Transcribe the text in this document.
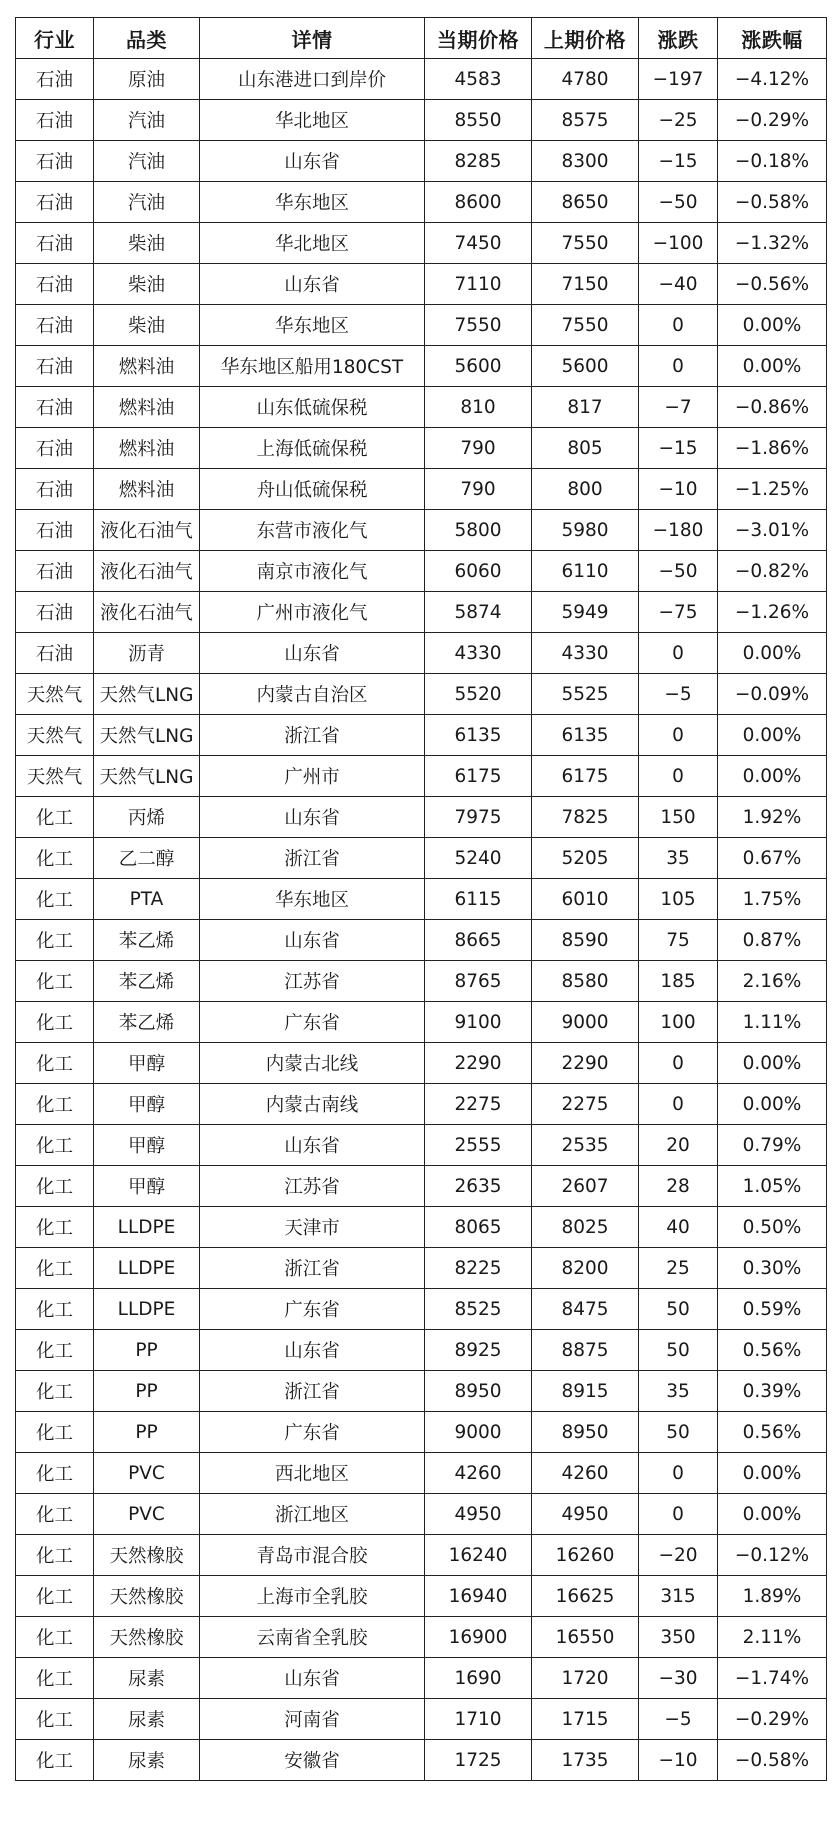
行业	品类	详情	当期价格	上期价格	涨跌	涨跌幅
石油	原油	山东港进口到岸价	4583	4780	−197	−4.12%
石油	汽油	华北地区	8550	8575	−25	−0.29%
石油	汽油	山东省	8285	8300	−15	−0.18%
石油	汽油	华东地区	8600	8650	−50	−0.58%
石油	柴油	华北地区	7450	7550	−100	−1.32%
石油	柴油	山东省	7110	7150	−40	−0.56%
石油	柴油	华东地区	7550	7550	0	0.00%
石油	燃料油	华东地区船用180CST	5600	5600	0	0.00%
石油	燃料油	山东低硫保税	810	817	−7	−0.86%
石油	燃料油	上海低硫保税	790	805	−15	−1.86%
石油	燃料油	舟山低硫保税	790	800	−10	−1.25%
石油	液化石油气	东营市液化气	5800	5980	−180	−3.01%
石油	液化石油气	南京市液化气	6060	6110	−50	−0.82%
石油	液化石油气	广州市液化气	5874	5949	−75	−1.26%
石油	沥青	山东省	4330	4330	0	0.00%
天然气	天然气LNG	内蒙古自治区	5520	5525	−5	−0.09%
天然气	天然气LNG	浙江省	6135	6135	0	0.00%
天然气	天然气LNG	广州市	6175	6175	0	0.00%
化工	丙烯	山东省	7975	7825	150	1.92%
化工	乙二醇	浙江省	5240	5205	35	0.67%
化工	PTA	华东地区	6115	6010	105	1.75%
化工	苯乙烯	山东省	8665	8590	75	0.87%
化工	苯乙烯	江苏省	8765	8580	185	2.16%
化工	苯乙烯	广东省	9100	9000	100	1.11%
化工	甲醇	内蒙古北线	2290	2290	0	0.00%
化工	甲醇	内蒙古南线	2275	2275	0	0.00%
化工	甲醇	山东省	2555	2535	20	0.79%
化工	甲醇	江苏省	2635	2607	28	1.05%
化工	LLDPE	天津市	8065	8025	40	0.50%
化工	LLDPE	浙江省	8225	8200	25	0.30%
化工	LLDPE	广东省	8525	8475	50	0.59%
化工	PP	山东省	8925	8875	50	0.56%
化工	PP	浙江省	8950	8915	35	0.39%
化工	PP	广东省	9000	8950	50	0.56%
化工	PVC	西北地区	4260	4260	0	0.00%
化工	PVC	浙江地区	4950	4950	0	0.00%
化工	天然橡胶	青岛市混合胶	16240	16260	−20	−0.12%
化工	天然橡胶	上海市全乳胶	16940	16625	315	1.89%
化工	天然橡胶	云南省全乳胶	16900	16550	350	2.11%
化工	尿素	山东省	1690	1720	−30	−1.74%
化工	尿素	河南省	1710	1715	−5	−0.29%
化工	尿素	安徽省	1725	1735	−10	−0.58%
